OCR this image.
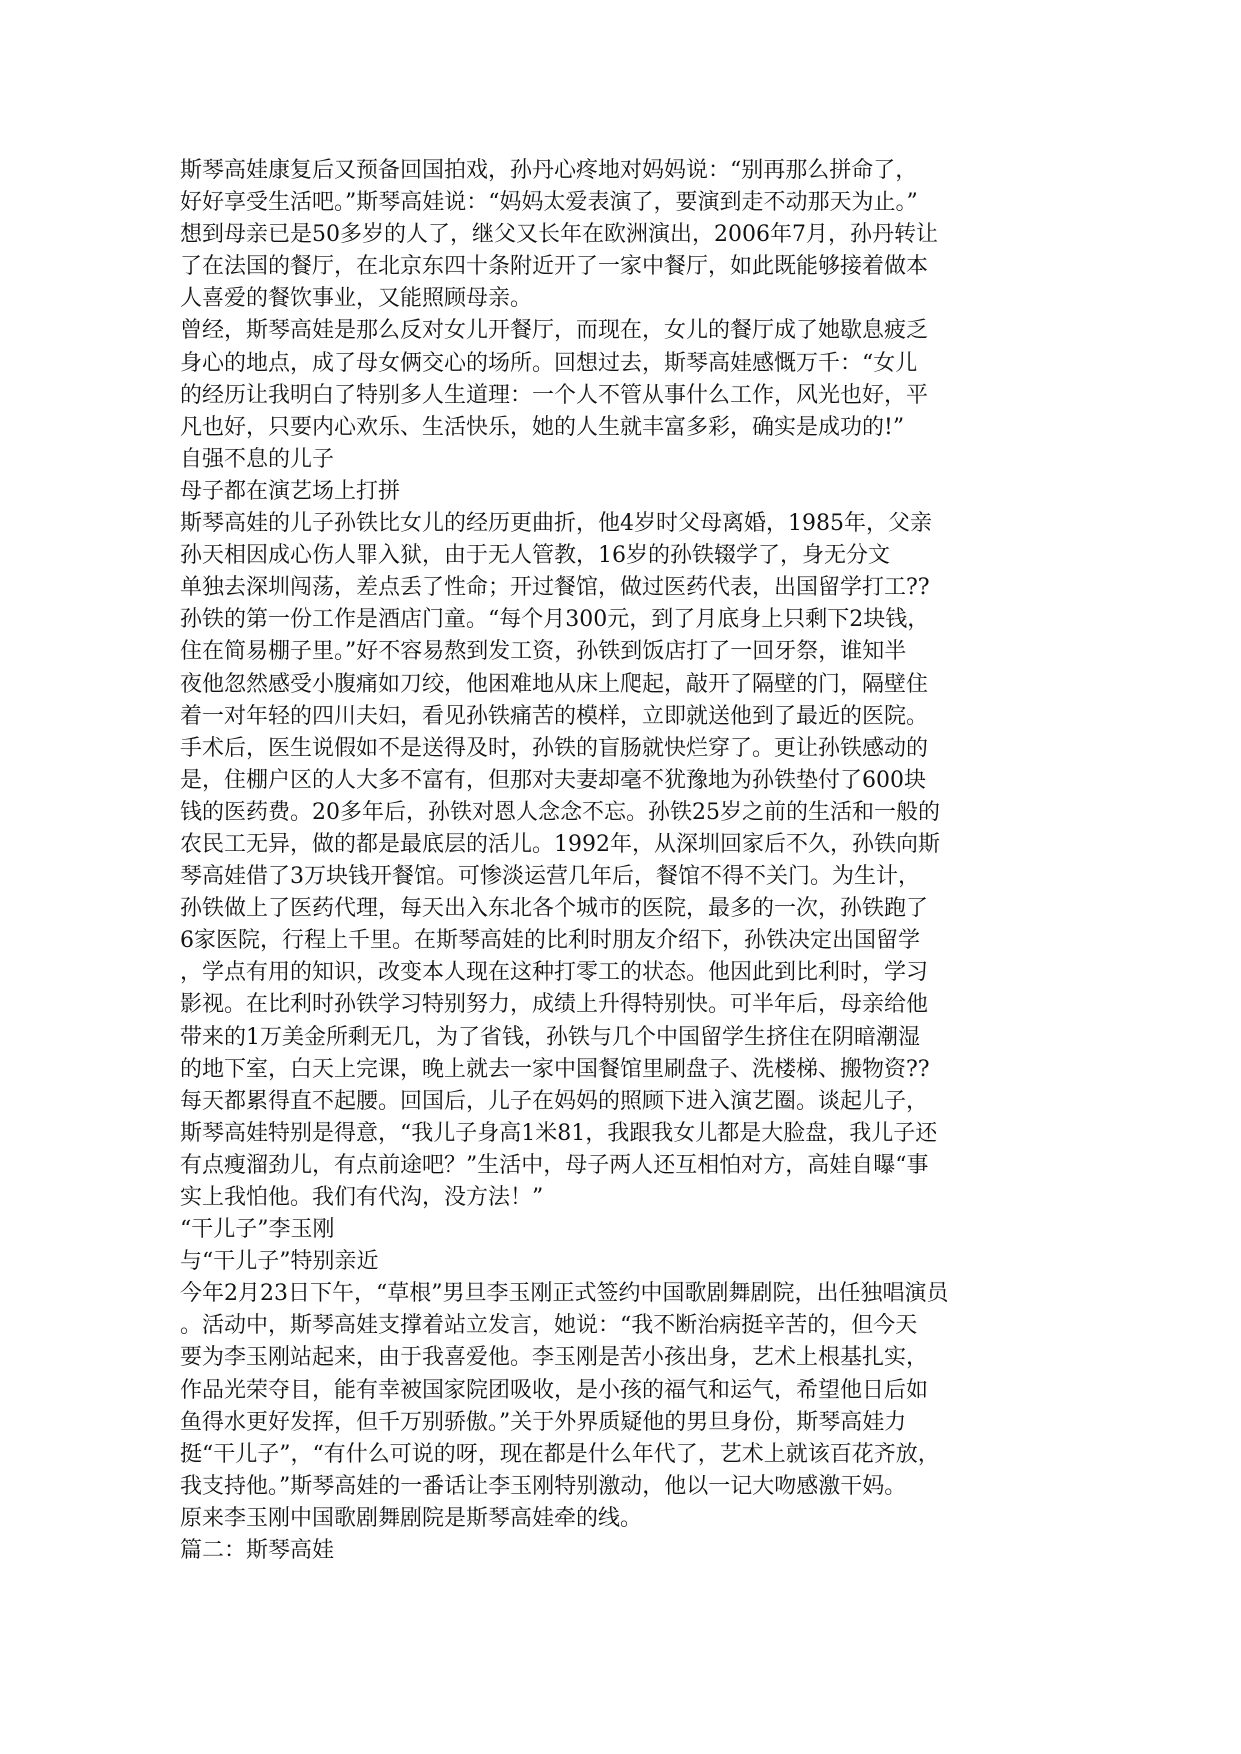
斯琴高娃康复后又预备回国拍戏，孙丹心疼地对妈妈说：“别再那么拼命了，
好好享受生活吧。”斯琴高娃说：“妈妈太爱表演了，要演到走不动那天为止。”
想到母亲已是50多岁的人了，继父又长年在欧洲演出，2006年7月，孙丹转让
了在法国的餐厅，在北京东四十条附近开了一家中餐厅，如此既能够接着做本
人喜爱的餐饮事业，又能照顾母亲。
曾经，斯琴高娃是那么反对女儿开餐厅，而现在，女儿的餐厅成了她歇息疲乏
身心的地点，成了母女俩交心的场所。回想过去，斯琴高娃感慨万千：“女儿
的经历让我明白了特别多人生道理：一个人不管从事什么工作，风光也好，平
凡也好，只要内心欢乐、生活快乐，她的人生就丰富多彩，确实是成功的!”
自强不息的儿子
母子都在演艺场上打拼
斯琴高娃的儿子孙铁比女儿的经历更曲折，他4岁时父母离婚，1985年，父亲
孙天相因成心伤人罪入狱，由于无人管教，16岁的孙铁辍学了，身无分文
单独去深圳闯荡，差点丢了性命；开过餐馆，做过医药代表，出国留学打工??
孙铁的第一份工作是酒店门童。“每个月300元，到了月底身上只剩下2块钱，
住在简易棚子里。”好不容易熬到发工资，孙铁到饭店打了一回牙祭，谁知半
夜他忽然感受小腹痛如刀绞，他困难地从床上爬起，敲开了隔壁的门，隔壁住
着一对年轻的四川夫妇，看见孙铁痛苦的模样，立即就送他到了最近的医院。
手术后，医生说假如不是送得及时，孙铁的盲肠就快烂穿了。更让孙铁感动的
是，住棚户区的人大多不富有，但那对夫妻却毫不犹豫地为孙铁垫付了600块
钱的医药费。20多年后，孙铁对恩人念念不忘。孙铁25岁之前的生活和一般的
农民工无异，做的都是最底层的活儿。1992年，从深圳回家后不久，孙铁向斯
琴高娃借了3万块钱开餐馆。可惨淡运营几年后，餐馆不得不关门。为生计，
孙铁做上了医药代理，每天出入东北各个城市的医院，最多的一次，孙铁跑了
6家医院，行程上千里。在斯琴高娃的比利时朋友介绍下，孙铁决定出国留学
，学点有用的知识，改变本人现在这种打零工的状态。他因此到比利时，学习
影视。在比利时孙铁学习特别努力，成绩上升得特别快。可半年后，母亲给他
带来的1万美金所剩无几，为了省钱，孙铁与几个中国留学生挤住在阴暗潮湿
的地下室，白天上完课，晚上就去一家中国餐馆里刷盘子、洗楼梯、搬物资??
每天都累得直不起腰。回国后，儿子在妈妈的照顾下进入演艺圈。谈起儿子，
斯琴高娃特别是得意，“我儿子身高1米81，我跟我女儿都是大脸盘，我儿子还
有点瘦溜劲儿，有点前途吧？”生活中，母子两人还互相怕对方，高娃自曝“事
实上我怕他。我们有代沟，没方法！”
“干儿子”李玉刚
与“干儿子”特别亲近
今年2月23日下午，“草根”男旦李玉刚正式签约中国歌剧舞剧院，出任独唱演员
。活动中，斯琴高娃支撑着站立发言，她说：“我不断治病挺辛苦的，但今天
要为李玉刚站起来，由于我喜爱他。李玉刚是苦小孩出身，艺术上根基扎实，
作品光荣夺目，能有幸被国家院团吸收，是小孩的福气和运气，希望他日后如
鱼得水更好发挥，但千万别骄傲。”关于外界质疑他的男旦身份，斯琴高娃力
挺“干儿子”，“有什么可说的呀，现在都是什么年代了，艺术上就该百花齐放，
我支持他。”斯琴高娃的一番话让李玉刚特别激动，他以一记大吻感激干妈。
原来李玉刚中国歌剧舞剧院是斯琴高娃牵的线。
篇二：斯琴高娃
